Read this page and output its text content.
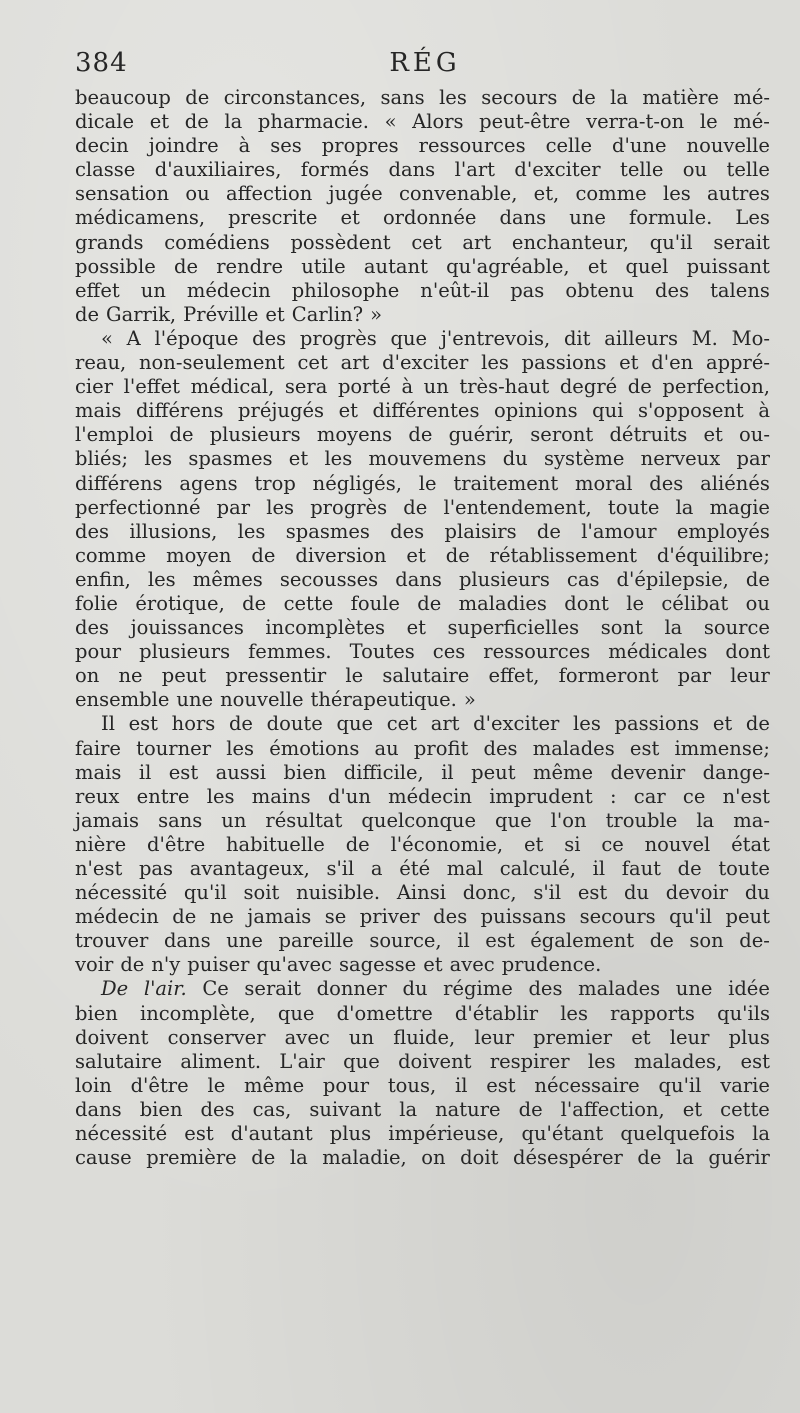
384	RÉG
beaucoup de circonstances, sans les secours de la matière mé-
dicale et de la pharmacie. « Alors peut-être verra-t-on le mé-
decin joindre à ses propres ressources celle d'une nouvelle
classe d'auxiliaires, formés dans l'art d'exciter telle ou telle
sensation ou affection jugée convenable, et, comme les autres
médicamens, prescrite et ordonnée dans une formule. Les
grands comédiens possèdent cet art enchanteur, qu'il serait
possible de rendre utile autant qu'agréable, et quel puissant
effet un médecin philosophe n'eût-il pas obtenu des talens
de Garrik, Préville et Carlin? »
« A l'époque des progrès que j'entrevois, dit ailleurs M. Mo-
reau, non-seulement cet art d'exciter les passions et d'en appré-
cier l'effet médical, sera porté à un très-haut degré de perfection,
mais différens préjugés et différentes opinions qui s'opposent à
l'emploi de plusieurs moyens de guérir, seront détruits et ou-
bliés; les spasmes et les mouvemens du système nerveux par
différens agens trop négligés, le traitement moral des aliénés
perfectionné par les progrès de l'entendement, toute la magie
des illusions, les spasmes des plaisirs de l'amour employés
comme moyen de diversion et de rétablissement d'équilibre;
enfin, les mêmes secousses dans plusieurs cas d'épilepsie, de
folie érotique, de cette foule de maladies dont le célibat ou
des jouissances incomplètes et superficielles sont la source
pour plusieurs femmes. Toutes ces ressources médicales dont
on ne peut pressentir le salutaire effet, formeront par leur
ensemble une nouvelle thérapeutique. »
Il est hors de doute que cet art d'exciter les passions et de
faire tourner les émotions au profit des malades est immense;
mais il est aussi bien difficile, il peut même devenir dange-
reux entre les mains d'un médecin imprudent : car ce n'est
jamais sans un résultat quelconque que l'on trouble la ma-
nière d'être habituelle de l'économie, et si ce nouvel état
n'est pas avantageux, s'il a été mal calculé, il faut de toute
nécessité qu'il soit nuisible. Ainsi donc, s'il est du devoir du
médecin de ne jamais se priver des puissans secours qu'il peut
trouver dans une pareille source, il est également de son de-
voir de n'y puiser qu'avec sagesse et avec prudence.
De l'air. Ce serait donner du régime des malades une idée
bien incomplète, que d'omettre d'établir les rapports qu'ils
doivent conserver avec un fluide, leur premier et leur plus
salutaire aliment. L'air que doivent respirer les malades, est
loin d'être le même pour tous, il est nécessaire qu'il varie
dans bien des cas, suivant la nature de l'affection, et cette
nécessité est d'autant plus impérieuse, qu'étant quelquefois la
cause première de la maladie, on doit désespérer de la guérir
